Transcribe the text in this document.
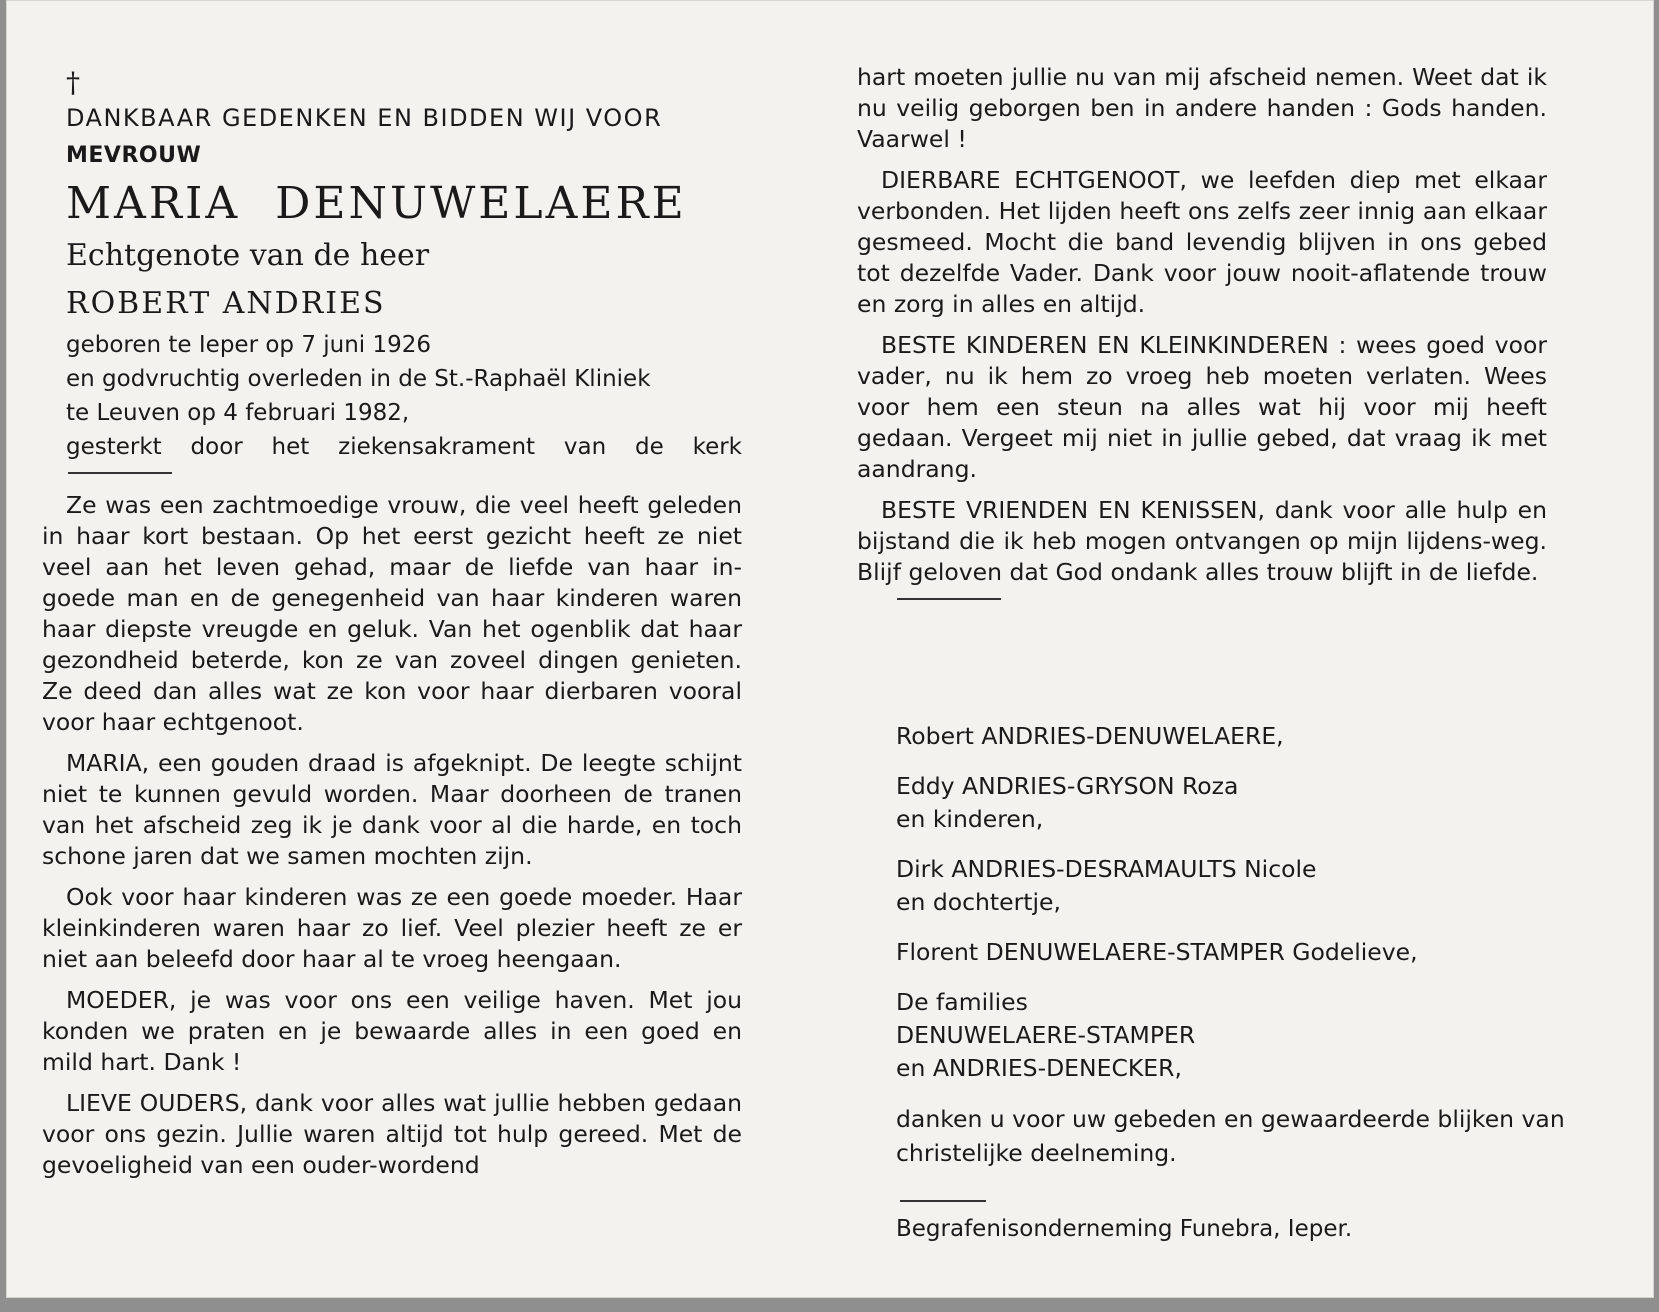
†
DANKBAAR GEDENKEN EN BIDDEN WIJ VOOR
MEVROUW
MARIA DENUWELAERE
Echtgenote van de heer
ROBERT ANDRIES
geboren te Ieper op 7 juni 1926
en godvruchtig overleden in de St.-Raphaël Kliniek
te Leuven op 4 februari 1982,
gesterkt door het ziekensakrament van de kerk

Ze was een zachtmoedige vrouw, die veel heeft geleden in haar kort bestaan. Op het eerst gezicht heeft ze niet veel aan het leven gehad, maar de liefde van haar in-goede man en de genegenheid van haar kinderen waren haar diepste vreugde en geluk. Van het ogenblik dat haar gezondheid beterde, kon ze van zoveel dingen genieten. Ze deed dan alles wat ze kon voor haar dierbaren vooral voor haar echtgenoot.

MARIA, een gouden draad is afgeknipt. De leegte schijnt niet te kunnen gevuld worden. Maar doorheen de tranen van het afscheid zeg ik je dank voor al die harde, en toch schone jaren dat we samen mochten zijn.

Ook voor haar kinderen was ze een goede moeder. Haar kleinkinderen waren haar zo lief. Veel plezier heeft ze er niet aan beleefd door haar al te vroeg heengaan.

MOEDER, je was voor ons een veilige haven. Met jou konden we praten en je bewaarde alles in een goed en mild hart. Dank !

LIEVE OUDERS, dank voor alles wat jullie hebben gedaan voor ons gezin. Jullie waren altijd tot hulp gereed. Met de gevoeligheid van een ouder-wordend

hart moeten jullie nu van mij afscheid nemen. Weet dat ik nu veilig geborgen ben in andere handen : Gods handen. Vaarwel !

DIERBARE ECHTGENOOT, we leefden diep met elkaar verbonden. Het lijden heeft ons zelfs zeer innig aan elkaar gesmeed. Mocht die band levendig blijven in ons gebed tot dezelfde Vader. Dank voor jouw nooit-aflatende trouw en zorg in alles en altijd.

BESTE KINDEREN EN KLEINKINDEREN : wees goed voor vader, nu ik hem zo vroeg heb moeten verlaten. Wees voor hem een steun na alles wat hij voor mij heeft gedaan. Vergeet mij niet in jullie gebed, dat vraag ik met aandrang.

BESTE VRIENDEN EN KENISSEN, dank voor alle hulp en bijstand die ik heb mogen ontvangen op mijn lijdens-weg. Blijf geloven dat God ondank alles trouw blijft in de liefde.

Robert ANDRIES-DENUWELAERE,
Eddy ANDRIES-GRYSON Roza
en kinderen,
Dirk ANDRIES-DESRAMAULTS Nicole
en dochtertje,
Florent DENUWELAERE-STAMPER Godelieve,
De families
DENUWELAERE-STAMPER
en ANDRIES-DENECKER,
danken u voor uw gebeden en gewaardeerde blijken van christelijke deelneming.
Begrafenisonderneming Funebra, Ieper.
